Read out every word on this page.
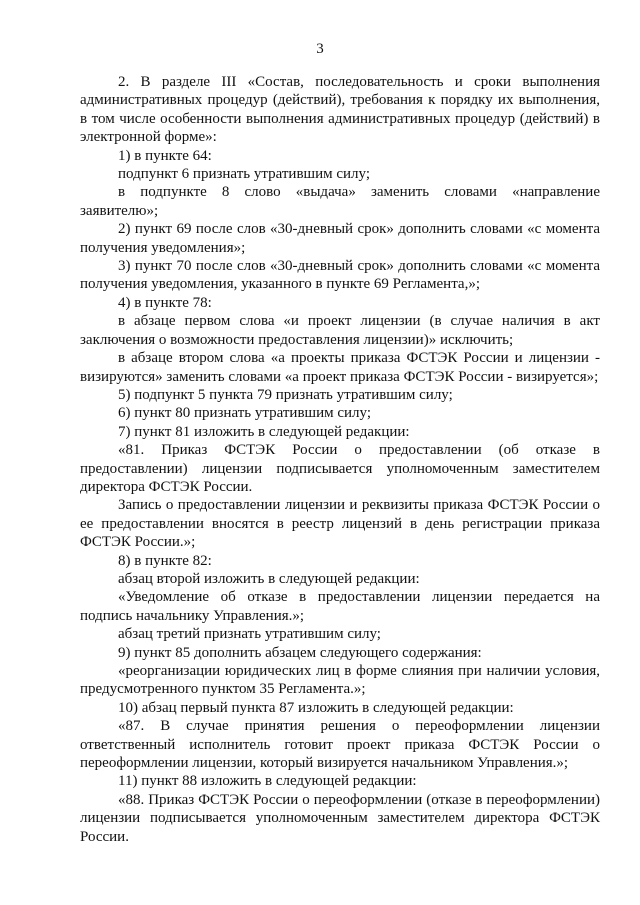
3

2. В разделе III «Состав, последовательность и сроки выполнения административных процедур (действий), требования к порядку их выполнения, в том числе особенности выполнения административных процедур (действий) в электронной форме»:

1) в пункте 64:

подпункт 6 признать утратившим силу;

в подпункте 8 слово «выдача» заменить словами «направление заявителю»;

2) пункт 69 после слов «30-дневный срок» дополнить словами «с момента получения уведомления»;

3) пункт 70 после слов «30-дневный срок» дополнить словами «с момента получения уведомления, указанного в пункте 69 Регламента,»;

4) в пункте 78:

в абзаце первом слова «и проект лицензии (в случае наличия в акт заключения о возможности предоставления лицензии)» исключить;

в абзаце втором слова «а проекты приказа ФСТЭК России и лицензии - визируются» заменить словами «а проект приказа ФСТЭК России - визируется»;

5) подпункт 5 пункта 79 признать утратившим силу;

6) пункт 80 признать утратившим силу;

7) пункт 81 изложить в следующей редакции:

«81. Приказ ФСТЭК России о предоставлении (об отказе в предоставлении) лицензии подписывается уполномоченным заместителем директора ФСТЭК России.

Запись о предоставлении лицензии и реквизиты приказа ФСТЭК России о ее предоставлении вносятся в реестр лицензий в день регистрации приказа ФСТЭК России.»;

8) в пункте 82:

абзац второй изложить в следующей редакции:

«Уведомление об отказе в предоставлении лицензии передается на подпись начальнику Управления.»;

абзац третий признать утратившим силу;

9) пункт 85 дополнить абзацем следующего содержания:

«реорганизации юридических лиц в форме слияния при наличии условия, предусмотренного пунктом 35 Регламента.»;

10) абзац первый пункта 87 изложить в следующей редакции:

«87. В случае принятия решения о переоформлении лицензии ответственный исполнитель готовит проект приказа ФСТЭК России о переоформлении лицензии, который визируется начальником Управления.»;

11) пункт 88 изложить в следующей редакции:

«88. Приказ ФСТЭК России о переоформлении (отказе в переоформлении) лицензии подписывается уполномоченным заместителем директора ФСТЭК России.
